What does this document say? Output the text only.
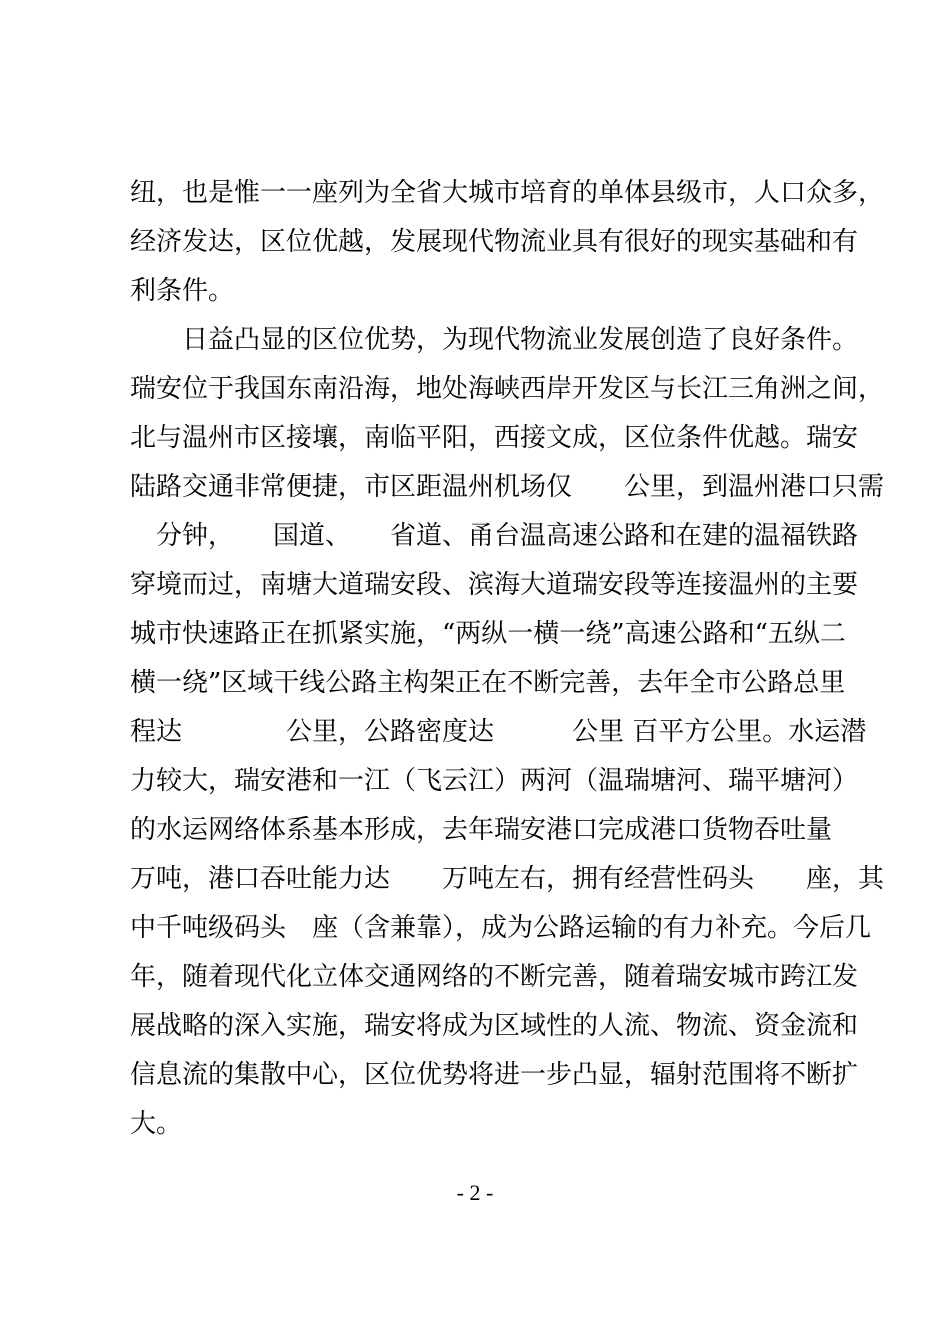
纽，也是惟一一座列为全省大城市培育的单体县级市，人口众多，
经济发达，区位优越，发展现代物流业具有很好的现实基础和有
利条件。
　　日益凸显的区位优势，为现代物流业发展创造了良好条件。
瑞安位于我国东南沿海，地处海峡西岸开发区与长江三角洲之间，
北与温州市区接壤，南临平阳，西接文成，区位条件优越。瑞安
陆路交通非常便捷，市区距温州机场仅　　公里，到温州港口只需
　分钟，　　国道、　　省道、甬台温高速公路和在建的温福铁路
穿境而过，南塘大道瑞安段、滨海大道瑞安段等连接温州的主要
城市快速路正在抓紧实施，“两纵一横一绕”高速公路和“五纵二
横一绕”区域干线公路主构架正在不断完善，去年全市公路总里
程达　　　　公里，公路密度达　　　公里 百平方公里。水运潜
力较大，瑞安港和一江（飞云江）两河（温瑞塘河、瑞平塘河）
的水运网络体系基本形成，去年瑞安港口完成港口货物吞吐量
万吨，港口吞吐能力达　　万吨左右，拥有经营性码头　　座，其
中千吨级码头　座（含兼靠），成为公路运输的有力补充。今后几
年，随着现代化立体交通网络的不断完善，随着瑞安城市跨江发
展战略的深入实施，瑞安将成为区域性的人流、物流、资金流和
信息流的集散中心，区位优势将进一步凸显，辐射范围将不断扩
大。
- 2 -
